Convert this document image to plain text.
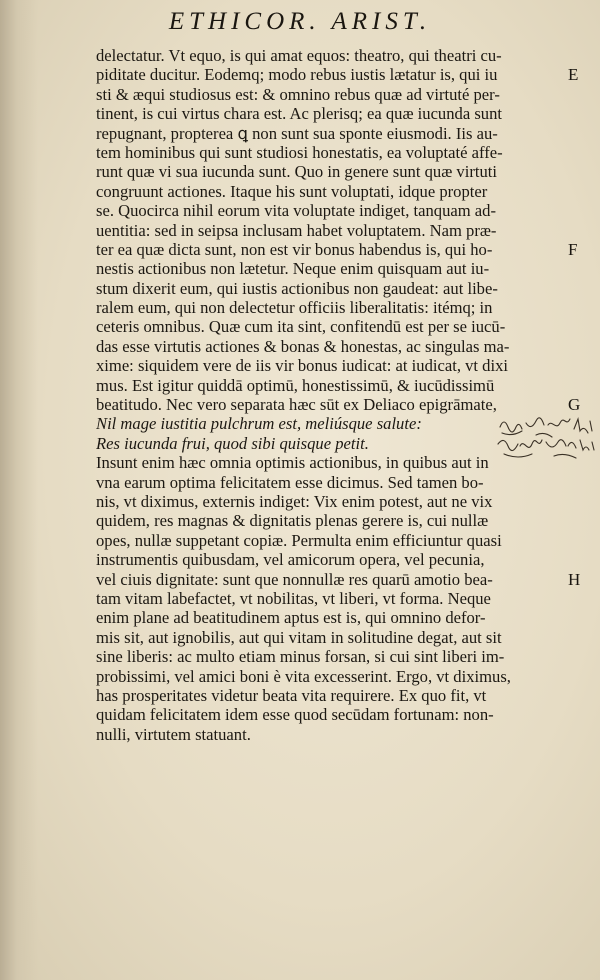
ETHICOR. ARIST.
delectatur. Vt equo, is qui amat equos: theatro, qui theatri cu-
piditate ducitur. Eodemq; modo rebus iustis lætatur is, qui iu
sti & æqui studiosus est: & omnino rebus quæ ad virtuté per-
tinent, is cui virtus chara est. Ac plerisq; ea quæ iucunda sunt
repugnant, propterea ꝗ non sunt sua sponte eiusmodi. Iis au-
tem hominibus qui sunt studiosi honestatis, ea voluptaté affe-
runt quæ vi sua iucunda sunt. Quo in genere sunt quæ virtuti
congruunt actiones. Itaque his sunt voluptati, idque propter
se. Quocirca nihil eorum vita voluptate indiget, tanquam ad-
uentitia: sed in seipsa inclusam habet voluptatem. Nam præ-
ter ea quæ dicta sunt, non est vir bonus habendus is, qui ho-
nestis actionibus non lætetur. Neque enim quisquam aut iu-
stum dixerit eum, qui iustis actionibus non gaudeat: aut libe-
ralem eum, qui non delectetur officiis liberalitatis: itémq; in
ceteris omnibus. Quæ cum ita sint, confitendū est per se iucū-
das esse virtutis actiones & bonas & honestas, ac singulas ma-
xime: siquidem vere de iis vir bonus iudicat: at iudicat, vt dixi
mus. Est igitur quiddā optimū, honestissimū, & iucūdissimū
beatitudo. Nec vero separata hæc sūt ex Deliaco epigrāmate,
Nil mage iustitia pulchrum est, meliúsque salute:
Res iucunda frui, quod sibi quisque petit.
Insunt enim hæc omnia optimis actionibus, in quibus aut in
vna earum optima felicitatem esse dicimus. Sed tamen bo-
nis, vt diximus, externis indiget: Vix enim potest, aut ne vix
quidem, res magnas & dignitatis plenas gerere is, cui nullæ
opes, nullæ suppetant copiæ. Permulta enim efficiuntur quasi
instrumentis quibusdam, vel amicorum opera, vel pecunia,
vel ciuis dignitate: sunt que nonnullæ res quarū amotio bea-
tam vitam labefactet, vt nobilitas, vt liberi, vt forma. Neque
enim plane ad beatitudinem aptus est is, qui omnino defor-
mis sit, aut ignobilis, aut qui vitam in solitudine degat, aut sit
sine liberis: ac multo etiam minus forsan, si cui sint liberi im-
probissimi, vel amici boni è vita excesserint. Ergo, vt diximus,
has prosperitates videtur beata vita requirere. Ex quo fit, vt
quidam felicitatem idem esse quod secūdam fortunam: non-
nulli, virtutem statuant.
E
F
G
H
